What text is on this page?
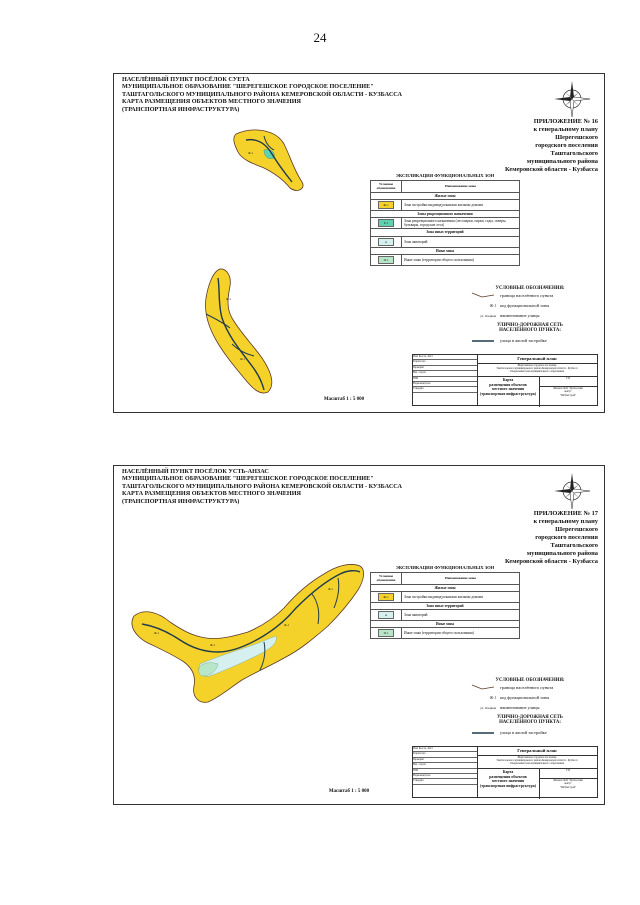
24
НАСЕЛЁННЫЙ ПУНКТ ПОСЁЛОК СУЕТА
МУНИЦИПАЛЬНОЕ ОБРАЗОВАНИЕ "ШЕРЕГЕШСКОЕ ГОРОДСКОЕ ПОСЕЛЕНИЕ"
ТАШТАГОЛЬСКОГО МУНИЦИПАЛЬНОГО РАЙОНА КЕМЕРОВСКОЙ ОБЛАСТИ - КУЗБАССА
КАРТА РАЗМЕЩЕНИЯ ОБЪЕКТОВ МЕСТНОГО ЗНАЧЕНИЯ
(ТРАНСПОРТНАЯ ИНФРАСТРУКТУРА)
ПРИЛОЖЕНИЕ № 16
к генеральному плану
Шерегешского
городского поселения
Таштагольского
муниципального района
Кемеровской области - Кузбасса
Ж-1
Ж-1
Ж-1
ЭКСПЛИКАЦИЯ ФУНКЦИОНАЛЬНЫХ ЗОН
Условное обозначение	Наименование зоны
Жилые зоны	

Ж-1	Зона застройки индивидуальными жилыми домами
Зоны рекреационного назначения	

Р-1	Зона рекреационного назначения (лесопарки, парки, сады, скверы, бульвары, городские леса)
Зона иных территорий	

А	Зона акваторий
Иные зоны	

И-1	Иные зоны (территории общего пользования)
УСЛОВНЫЕ ОБОЗНАЧЕНИЯ:
граница населённого пункта
Ж-1 код функциональной зоны
ул. Озерная наименование улицы
УЛИЧНО-ДОРОЖНАЯ СЕТЬ
НАСЕЛЁННОГО ПУНКТА:
улица в жилой застройке
Изм. Кол.уч. Лист
Разработал
Проверил
Нач. отдела
ГИП
Нормоконтроль
Утвердил
Генеральный план
Шерегешское городское поселение
Таштагольского муниципального района Кемеровской области - Кузбасса
Генеральный план муниципального образования
Карта
размещения объектов
местного значения
(транспортная инфраструктура)
ГП
Филиал ООО "Кузбасский
центр"
"ИнТехСтрой"
Масштаб 1 : 5 000
НАСЕЛЁННЫЙ ПУНКТ ПОСЁЛОК УСТЬ-АНЗАС
МУНИЦИПАЛЬНОЕ ОБРАЗОВАНИЕ "ШЕРЕГЕШСКОЕ ГОРОДСКОЕ ПОСЕЛЕНИЕ"
ТАШТАГОЛЬСКОГО МУНИЦИПАЛЬНОГО РАЙОНА КЕМЕРОВСКОЙ ОБЛАСТИ - КУЗБАССА
КАРТА РАЗМЕЩЕНИЯ ОБЪЕКТОВ МЕСТНОГО ЗНАЧЕНИЯ
(ТРАНСПОРТНАЯ ИНФРАСТРУКТУРА)
ПРИЛОЖЕНИЕ № 17
к генеральному плану
Шерегешского
городского поселения
Таштагольского
муниципального района
Кемеровской области - Кузбасса
Ж-1
Ж-1
Ж-1
Ж-1
ЭКСПЛИКАЦИЯ ФУНКЦИОНАЛЬНЫХ ЗОН
Условное обозначение	Наименование зоны
Жилые зоны	

Ж-1	Зона застройки индивидуальными жилыми домами
Зона иных территорий	

А	Зона акваторий
Иные зоны	

И-1	Иные зоны (территории общего пользования)
УСЛОВНЫЕ ОБОЗНАЧЕНИЯ:
граница населённого пункта
Ж-1 код функциональной зоны
ул. Озерная наименование улицы
УЛИЧНО-ДОРОЖНАЯ СЕТЬ
НАСЕЛЁННОГО ПУНКТА:
улица в жилой застройке
Изм. Кол.уч. Лист
Разработал
Проверил
Нач. отдела
ГИП
Нормоконтроль
Утвердил
Генеральный план
Шерегешское городское поселение
Таштагольского муниципального района Кемеровской области - Кузбасса
Генеральный план муниципального образования
Карта
размещения объектов
местного значения
(транспортная инфраструктура)
ГП
Филиал ООО "Кузбасский
центр"
"ИнТехСтрой"
Масштаб 1 : 5 000
